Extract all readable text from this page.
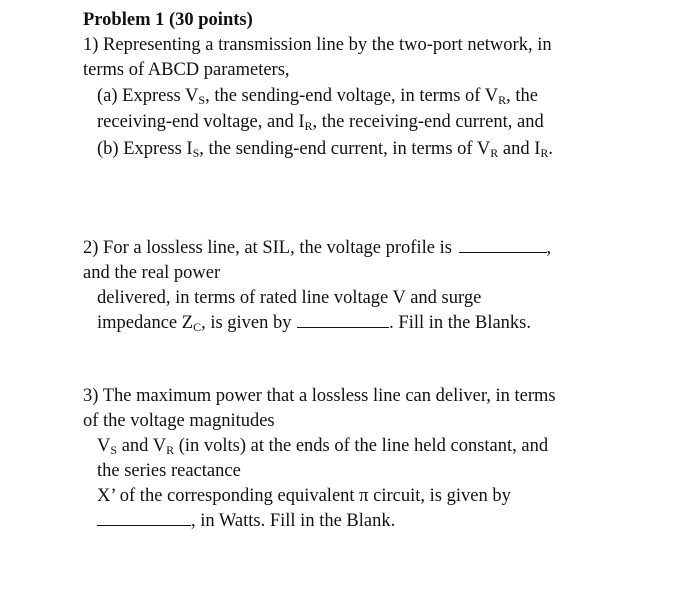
Problem 1 (30 points)
1) Representing a transmission line by the two-port network, in
terms of ABCD parameters,
(a) Express $V_S$, the sending-end voltage, in terms of $V_R$, the
receiving-end voltage, and $I_R$, the receiving-end current, and
(b) Express $I_S$, the sending-end current, in terms of $V_R$ and $I_R$.
2) For a lossless line, at SIL, the voltage profile is	,
and the real power
delivered, in terms of rated line voltage V and surge
impedance $Z_C$, is given by	. Fill in the Blanks.
3) The maximum power that a lossless line can deliver, in terms
of the voltage magnitudes
$V_S$ and $V_R$ (in volts) at the ends of the line held constant, and
the series reactance
X’ of the corresponding equivalent π circuit, is given by
, in Watts. Fill in the Blank.
